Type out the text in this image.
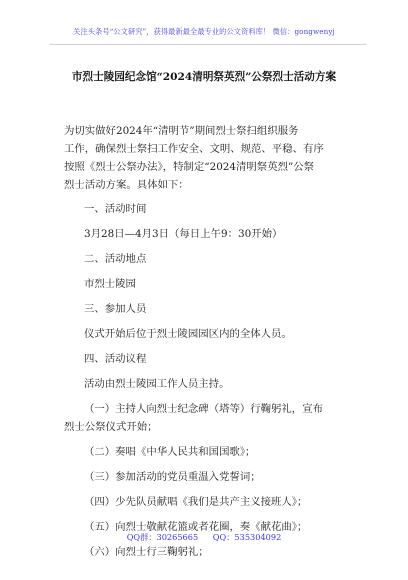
关注头条号“公文研究”，获得最新最全最专业的公文资料库！ 微信：gongwenyj
市烈士陵园纪念馆“2024清明祭英烈”公祭烈士活动方案
为切实做好2024年“清明节”期间烈士祭扫组织服务
工作，确保烈士祭扫工作安全、文明、规范、平稳、有序
按照《烈士公祭办法》，特制定“2024清明祭英烈”公祭
烈士活动方案。具体如下：
一、活动时间
3月28日—4月3日（每日上午9：30开始）
二、活动地点
市烈士陵园
三、参加人员
仪式开始后位于烈士陵园园区内的全体人员。
四、活动议程
活动由烈士陵园工作人员主持。
（一）主持人向烈士纪念碑（塔等）行鞠躬礼，宣布
烈士公祭仪式开始；
（二）奏唱《中华人民共和国国歌》；
（三）参加活动的党员重温入党誓词；
（四）少先队员献唱《我们是共产主义接班人》；
（五）向烈士敬献花篮或者花圈，奏《献花曲》；
（六）向烈士行三鞠躬礼；
QQ群：30265665 QQ：535304092
